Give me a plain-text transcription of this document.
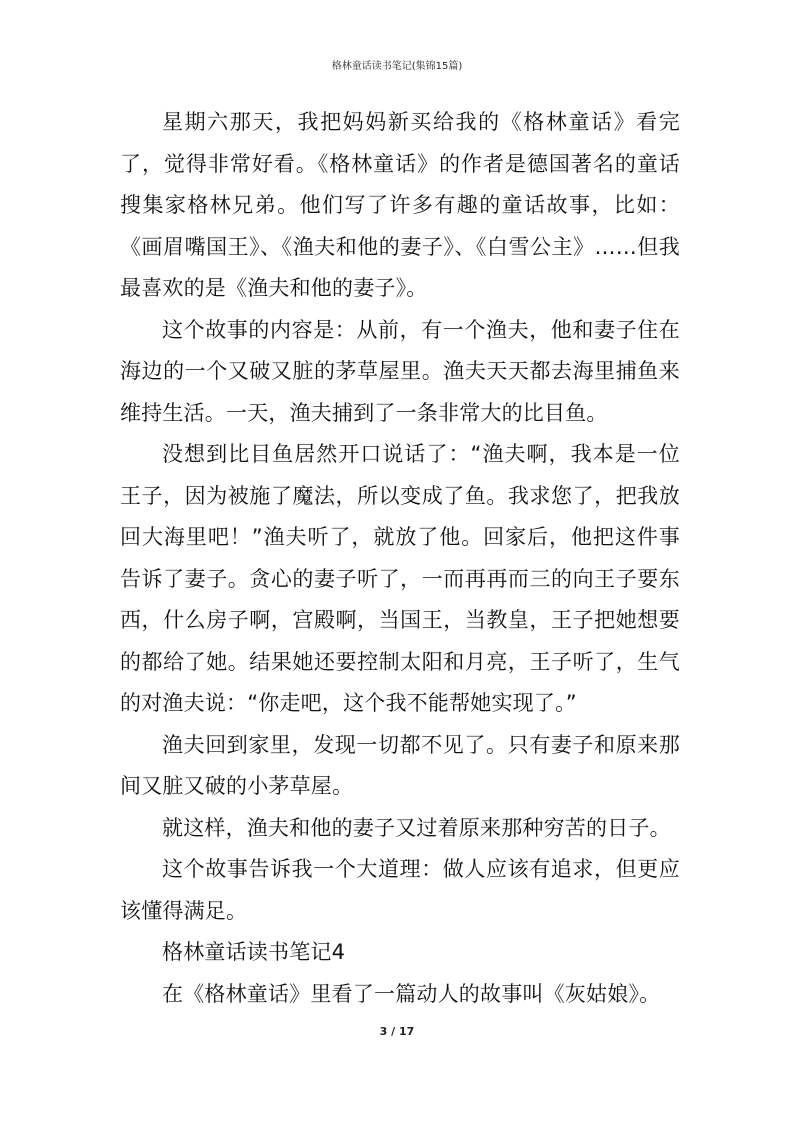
格林童话读书笔记(集锦15篇)

星期六那天，我把妈妈新买给我的《格林童话》看完了，觉得非常好看。《格林童话》的作者是德国著名的童话搜集家格林兄弟。他们写了许多有趣的童话故事，比如：《画眉嘴国王》、《渔夫和他的妻子》、《白雪公主》……但我最喜欢的是《渔夫和他的妻子》。

这个故事的内容是：从前，有一个渔夫，他和妻子住在海边的一个又破又脏的茅草屋里。渔夫天天都去海里捕鱼来维持生活。一天，渔夫捕到了一条非常大的比目鱼。

没想到比目鱼居然开口说话了：“渔夫啊，我本是一位王子，因为被施了魔法，所以变成了鱼。我求您了，把我放回大海里吧！”渔夫听了，就放了他。回家后，他把这件事告诉了妻子。贪心的妻子听了，一而再再而三的向王子要东西，什么房子啊，宫殿啊，当国王，当教皇，王子把她想要的都给了她。结果她还要控制太阳和月亮，王子听了，生气的对渔夫说：“你走吧，这个我不能帮她实现了。”

渔夫回到家里，发现一切都不见了。只有妻子和原来那间又脏又破的小茅草屋。

就这样，渔夫和他的妻子又过着原来那种穷苦的日子。

这个故事告诉我一个大道理：做人应该有追求，但更应该懂得满足。

格林童话读书笔记4

在《格林童话》里看了一篇动人的故事叫《灰姑娘》。

3 / 17
